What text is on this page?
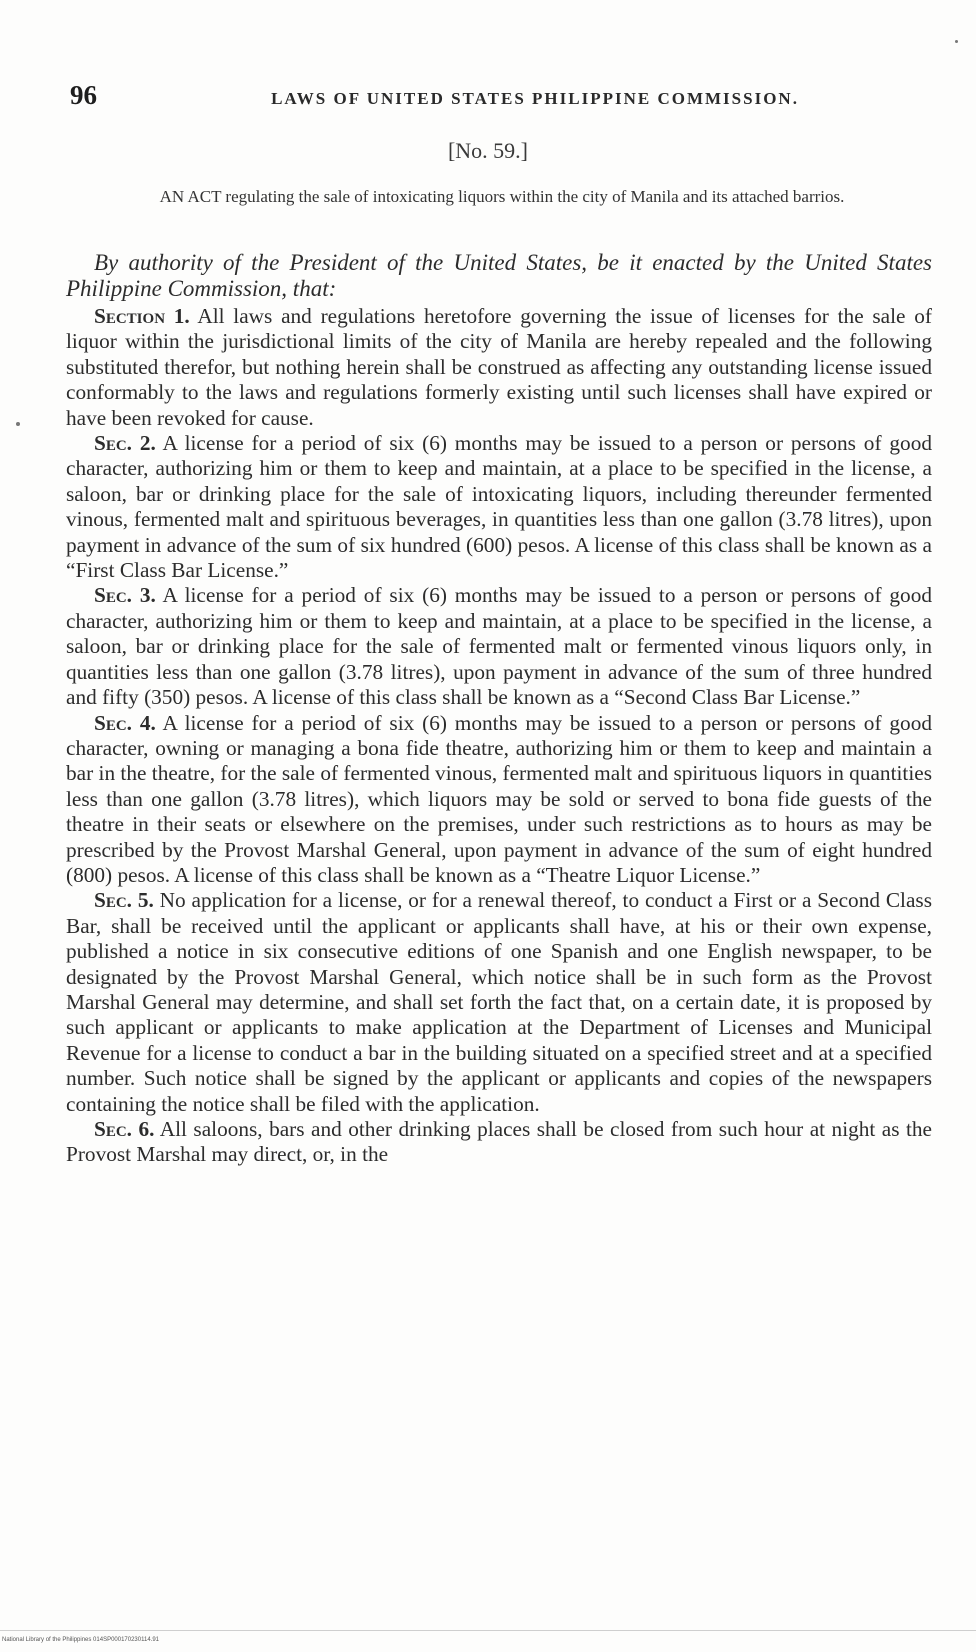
96	LAWS OF UNITED STATES PHILIPPINE COMMISSION.
[No. 59.]
AN ACT regulating the sale of intoxicating liquors within the city of Manila and its attached barrios.

By authority of the President of the United States, be it enacted by the United States Philippine Commission, that:

Section 1. All laws and regulations heretofore governing the issue of licenses for the sale of liquor within the jurisdictional limits of the city of Manila are hereby repealed and the following substituted therefor, but nothing herein shall be construed as affecting any outstanding license issued conformably to the laws and regulations formerly existing until such licenses shall have expired or have been revoked for cause.

Sec. 2. A license for a period of six (6) months may be issued to a person or persons of good character, authorizing him or them to keep and maintain, at a place to be specified in the license, a saloon, bar or drinking place for the sale of intoxicating liquors, including thereunder fermented vinous, fermented malt and spirituous beverages, in quantities less than one gallon (3.78 litres), upon payment in advance of the sum of six hundred (600) pesos. A license of this class shall be known as a “First Class Bar License.”

Sec. 3. A license for a period of six (6) months may be issued to a person or persons of good character, authorizing him or them to keep and maintain, at a place to be specified in the license, a saloon, bar or drinking place for the sale of fermented malt or fermented vinous liquors only, in quantities less than one gallon (3.78 litres), upon payment in advance of the sum of three hundred and fifty (350) pesos. A license of this class shall be known as a “Second Class Bar License.”

Sec. 4. A license for a period of six (6) months may be issued to a person or persons of good character, owning or managing a bona fide theatre, authorizing him or them to keep and maintain a bar in the theatre, for the sale of fermented vinous, fermented malt and spirituous liquors in quantities less than one gallon (3.78 litres), which liquors may be sold or served to bona fide guests of the theatre in their seats or elsewhere on the premises, under such restrictions as to hours as may be prescribed by the Provost Marshal General, upon payment in advance of the sum of eight hundred (800) pesos. A license of this class shall be known as a “Theatre Liquor License.”

Sec. 5. No application for a license, or for a renewal thereof, to conduct a First or a Second Class Bar, shall be received until the applicant or applicants shall have, at his or their own expense, published a notice in six consecutive editions of one Spanish and one English newspaper, to be designated by the Provost Marshal General, which notice shall be in such form as the Provost Marshal General may determine, and shall set forth the fact that, on a certain date, it is proposed by such applicant or applicants to make application at the Department of Licenses and Municipal Revenue for a license to conduct a bar in the building situated on a specified street and at a specified number. Such notice shall be signed by the applicant or applicants and copies of the newspapers containing the notice shall be filed with the application.

Sec. 6. All saloons, bars and other drinking places shall be closed from such hour at night as the Provost Marshal may direct, or, in the

National Library of the Philippines 014SP000170230114.91
